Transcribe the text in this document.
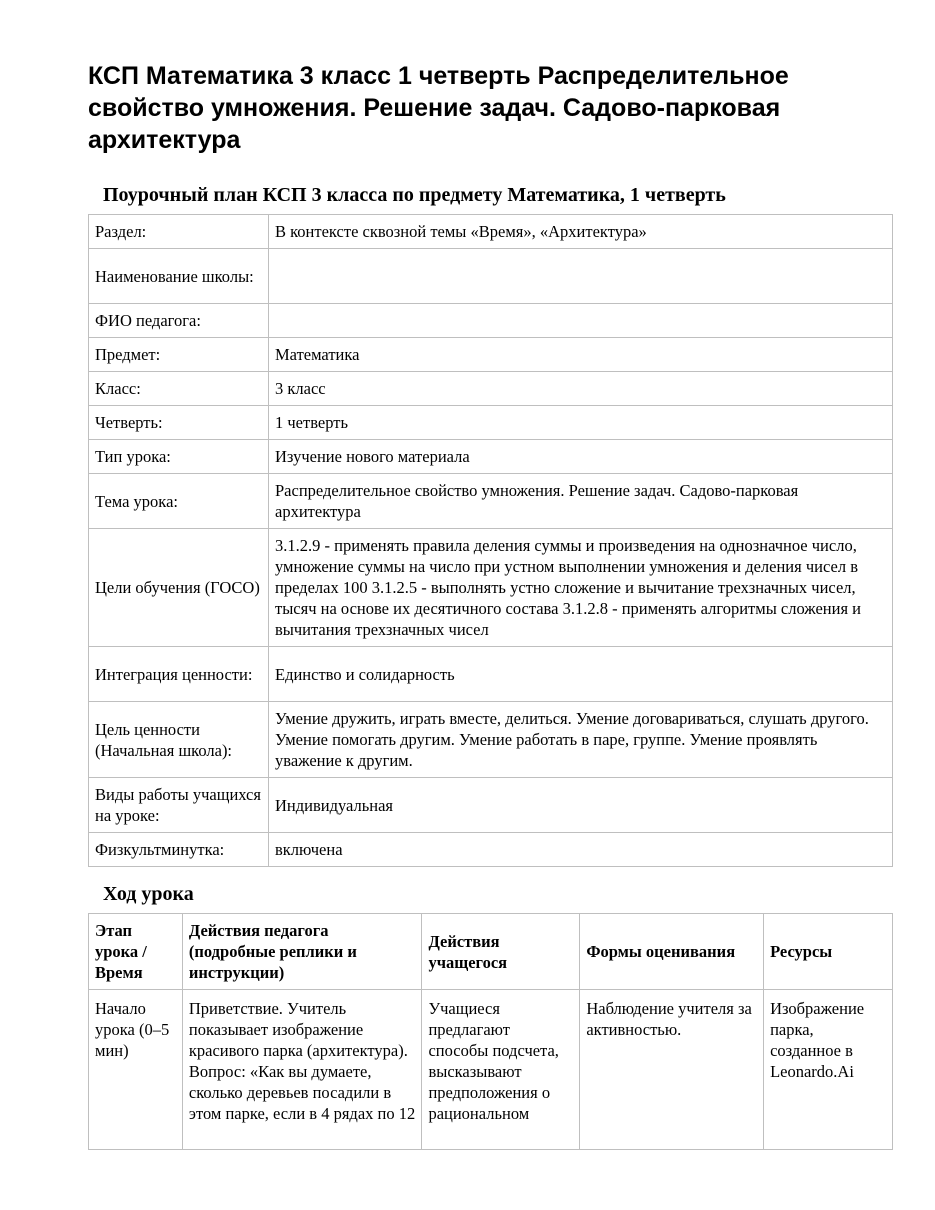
КСП Математика 3 класс 1 четверть Распределительное свойство умножения. Решение задач. Садово-парковая архитектура
Поурочный план КСП 3 класса по предмету Математика, 1 четверть
Раздел:	В контексте сквозной темы «Время», «Архитектура»
Наименование школы:	
ФИО педагога:	
Предмет:	Математика
Класс:	3 класс
Четверть:	1 четверть
Тип урока:	Изучение нового материала
Тема урока:	Распределительное свойство умножения. Решение задач. Садово-парковая архитектура
Цели обучения (ГОСО)	3.1.2.9 - применять правила деления суммы и произведения на однозначное число, умножение суммы на число при устном выполнении умножения и деления чисел в пределах 100 3.1.2.5 - выполнять устно сложение и вычитание трехзначных чисел, тысяч на основе их десятичного состава 3.1.2.8 - применять алгоритмы сложения и вычитания трехзначных чисел
Интеграция ценности:	Единство и солидарность
Цель ценности (Начальная школа):	Умение дружить, играть вместе, делиться. Умение договариваться, слушать другого. Умение помогать другим. Умение работать в паре, группе. Умение проявлять уважение к другим.
Виды работы учащихся на уроке:	Индивидуальная
Физкультминутка:	включена
Ход урока
Этап урока / Время	Действия педагога (подробные реплики и инструкции)	Действия учащегося	Формы оценивания	Ресурсы
Начало урока (0–5 мин)	Приветствие. Учитель показывает изображение красивого парка (архитектура). Вопрос: «Как вы думаете, сколько деревьев посадили в этом парке, если в 4 рядах по 12	Учащиеся предлагают способы подсчета, высказывают предположения о рациональном	Наблюдение учителя за активностью.	Изображение парка, созданное в Leonardo.Ai
